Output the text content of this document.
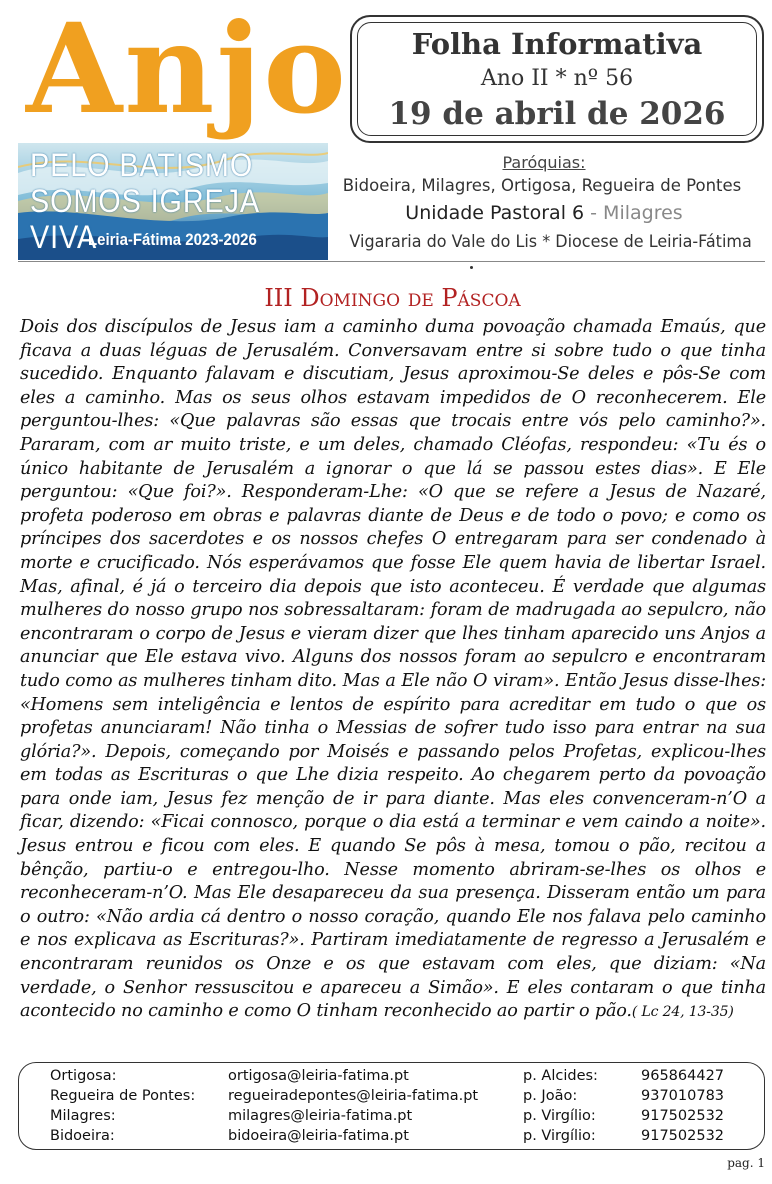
Anjo	Folha Informativa
Ano II * nº 56
19 de abril de 2026
PELO BATISMO
SOMOS IGREJA VIVA
Leiria-Fátima 2023-2026
Paróquias:
Bidoeira, Milagres, Ortigosa, Regueira de Pontes
Unidade Pastoral 6 - Milagres
Vigararia do Vale do Lis * Diocese de Leiria-Fátima
III Domingo de Páscoa
Dois dos discípulos de Jesus iam a caminho duma povoação chamada Emaús, que ficava a duas léguas de Jerusalém. Conversavam entre si sobre tudo o que tinha sucedido. Enquanto falavam e discutiam, Jesus aproximou-Se deles e pôs-Se com eles a caminho. Mas os seus olhos estavam impedidos de O reconhecerem. Ele perguntou-lhes: «Que palavras são essas que trocais entre vós pelo caminho?». Pararam, com ar muito triste, e um deles, chamado Cléofas, respondeu: «Tu és o único habitante de Jerusalém a ignorar o que lá se passou estes dias». E Ele perguntou: «Que foi?». Responderam-Lhe: «O que se refere a Jesus de Nazaré, profeta poderoso em obras e palavras diante de Deus e de todo o povo; e como os príncipes dos sacerdotes e os nossos chefes O entregaram para ser condenado à morte e crucificado. Nós esperávamos que fosse Ele quem havia de libertar Israel. Mas, afinal, é já o terceiro dia depois que isto aconteceu. É verdade que algumas mulheres do nosso grupo nos sobressaltaram: foram de madrugada ao sepulcro, não encontraram o corpo de Jesus e vieram dizer que lhes tinham aparecido uns Anjos a anunciar que Ele estava vivo. Alguns dos nossos foram ao sepulcro e encontraram tudo como as mulheres tinham dito. Mas a Ele não O viram». Então Jesus disse-lhes: «Homens sem inteligência e lentos de espírito para acreditar em tudo o que os profetas anunciaram! Não tinha o Messias de sofrer tudo isso para entrar na sua glória?». Depois, começando por Moisés e passando pelos Profetas, explicou-lhes em todas as Escrituras o que Lhe dizia respeito. Ao chegarem perto da povoação para onde iam, Jesus fez menção de ir para diante. Mas eles convenceram-n’O a ficar, dizendo: «Ficai connosco, porque o dia está a terminar e vem caindo a noite». Jesus entrou e ficou com eles. E quando Se pôs à mesa, tomou o pão, recitou a bênção, partiu-o e entregou-lho. Nesse momento abriram-se-lhes os olhos e reconheceram-n’O. Mas Ele desapareceu da sua presença. Disseram então um para o outro: «Não ardia cá dentro o nosso coração, quando Ele nos falava pelo caminho e nos explicava as Escrituras?». Partiram imediatamente de regresso a Jerusalém e encontraram reunidos os Onze e os que estavam com eles, que diziam: «Na verdade, o Senhor ressuscitou e apareceu a Simão». E eles contaram o que tinha acontecido no caminho e como O tinham reconhecido ao partir o pão.( Lc 24, 13-35)
Ortigosa:	ortigosa@leiria-fatima.pt	p. Alcides:	965864427
Regueira de Pontes: regueiradepontes@leiria-fatima.pt	p. João:	937010783
Milagres:	milagres@leiria-fatima.pt	p. Virgílio:	917502532
Bidoeira:	bidoeira@leiria-fatima.pt	p. Virgílio:	917502532
pag. 1
